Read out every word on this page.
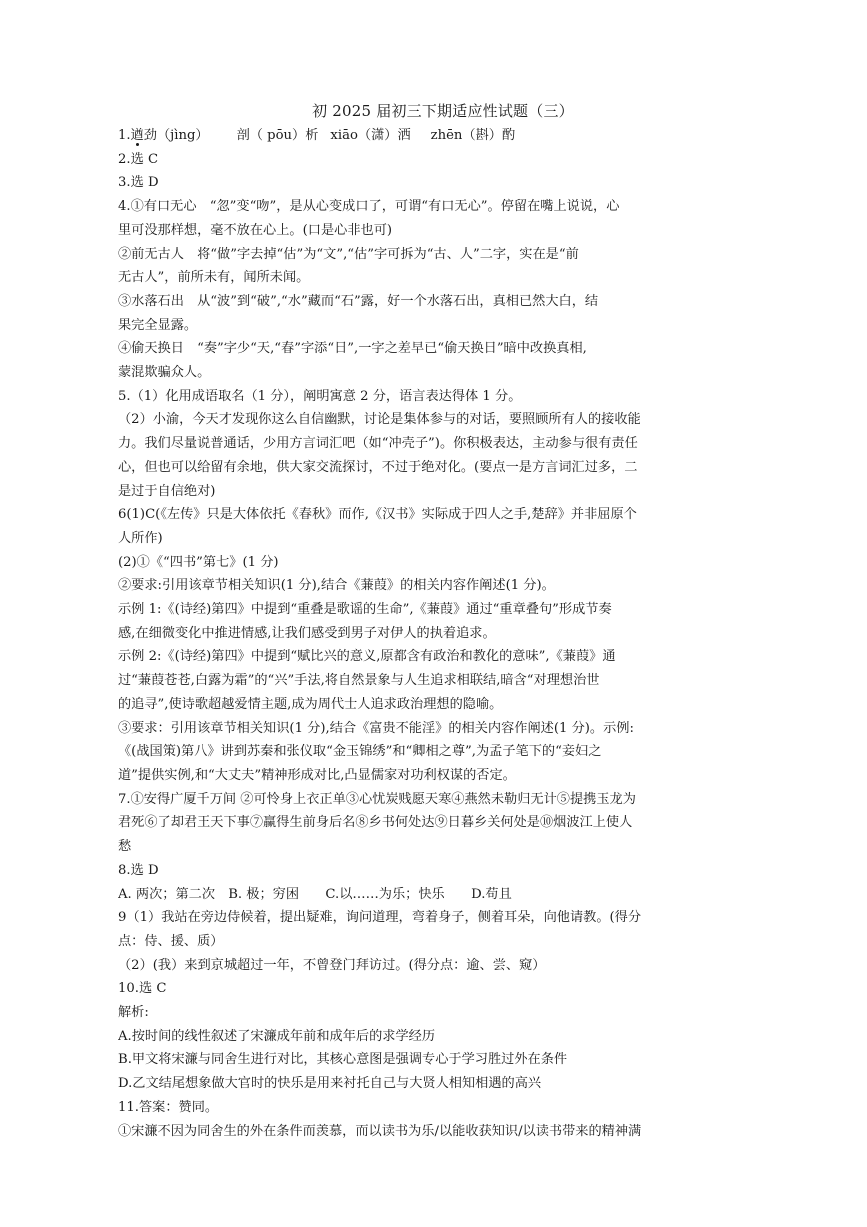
初 2025 届初三下期适应性试题（三）
1.遒劲（jìng） 剖（ pōu）析 xiāo（潇）洒 zhēn（斟）酌
2.选 C
3.选 D
4.①有口无心　“忽”变“吻”，是从心变成口了，可谓“有口无心”。停留在嘴上说说，心
里可没那样想，毫不放在心上。(口是心非也可)
②前无古人　将“做”字去掉“估”为“文”,“估”字可拆为“古、人”二字，实在是“前
无古人”，前所未有，闻所未闻。
③水落石出　从“波”到“破”,“水”藏而“石”露，好一个水落石出，真相已然大白，结
果完全显露。
④偷天换日　“奏”字少“天,“春”字添“日”,一字之差早已“偷天换日”暗中改换真相,
蒙混欺骗众人。
5.（1）化用成语取名（1 分），阐明寓意 2 分，语言表达得体 1 分。
（2）小渝，今天才发现你这么自信幽默，讨论是集体参与的对话，要照顾所有人的接收能
力。我们尽量说普通话，少用方言词汇吧（如“冲壳子”)。你积极表达，主动参与很有责任
心，但也可以给留有余地，供大家交流探讨，不过于绝对化。(要点一是方言词汇过多，二
是过于自信绝对)
6(1)C(《左传》只是大体依托《春秋》而作,《汉书》实际成于四人之手,楚辞》并非屈原个
人所作)
(2)①《“四书”第七》(1 分)
②要求:引用该章节相关知识(1 分),结合《蒹葭》的相关内容作阐述(1 分)。
示例 1:《(诗经)第四》中提到“重叠是歌谣的生命”,《蒹葭》通过“重章叠句”形成节奏
感,在细微变化中推进情感,让我们感受到男子对伊人的执着追求。
示例 2:《(诗经)第四》中提到“赋比兴的意义,原都含有政治和教化的意味”,《蒹葭》通
过“蒹葭苍苍,白露为霜”的“兴”手法,将自然景象与人生追求相联结,暗含“对理想治世
的追寻”,使诗歌超越爱情主题,成为周代士人追求政治理想的隐喻。
③要求：引用该章节相关知识(1 分),结合《富贵不能淫》的相关内容作阐述(1 分)。示例:
《(战国策)第八》讲到苏秦和张仪取“金玉锦绣”和“卿相之尊”,为孟子笔下的“妾妇之
道”提供实例,和“大丈夫”精神形成对比,凸显儒家对功利权谋的否定。
7.①安得广厦千万间 ②可怜身上衣正单③心忧炭贱愿天寒④燕然未勒归无计⑤提携玉龙为
君死⑥了却君王天下事⑦赢得生前身后名⑧乡书何处达⑨日暮乡关何处是⑩烟波江上使人
愁
8.选 D
A. 两次；第二次　B. 极；穷困　　C.以……为乐；快乐　　D.苟且
9（1）我站在旁边侍候着，提出疑难，询问道理，弯着身子，侧着耳朵，向他请教。(得分
点：侍、援、质）
（2）(我）来到京城超过一年，不曾登门拜访过。(得分点：逾、尝、窥）
10.选 C
解析:
A.按时间的线性叙述了宋濂成年前和成年后的求学经历
B.甲文将宋濂与同舍生进行对比，其核心意图是强调专心于学习胜过外在条件
D.乙文结尾想象做大官时的快乐是用来衬托自己与大贤人相知相遇的高兴
11.答案：赞同。
①宋濂不因为同舍生的外在条件而羡慕，而以读书为乐/以能收获知识/以读书带来的精神满
